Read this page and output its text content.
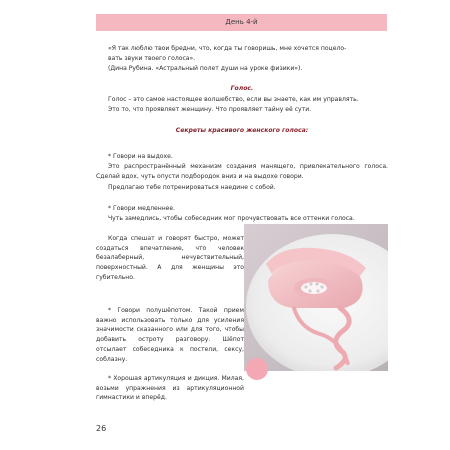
День 4-й

«Я так люблю твои бредни, что, когда ты говоришь, мне хочется поцело-

вать звуки твоего голоса».

(Дина Рубина. «Астральный полет души на уроке физики»).

Голос.

Голос – это самое настоящее волшебство, если вы знаете, как им управлять.

Это то, что проявляет женщину. Что проявляет тайну её сути.

Секреты красивого женского голоса:

* Говори на выдохе.

Это распространённый механизм создания манящего, привлекательного голоса. Сделай вдох, чуть опусти подбородок вниз и на выдохе говори.

Предлагаю тебе потренироваться наедине с собой.

* Говори медленнее.

Чуть замедлись, чтобы собеседник мог прочувствовать все оттенки голоса.

Когда спешат и говорят быстро, может создаться впечатление, что человек безалаберный, нечувствительный, поверхностный. А для женщины это губительно.

* Говори полушёпотом. Такой прием важно использовать только для усиления значимости сказанного или для того, чтобы добавить остроту разговору. Шёпот отсылает собеседника к постели, сексу, соблазну.

* Хорошая артикуляция и дикция. Милая, возьми упражнения из артикуляционной гимнастики и вперёд.

26
